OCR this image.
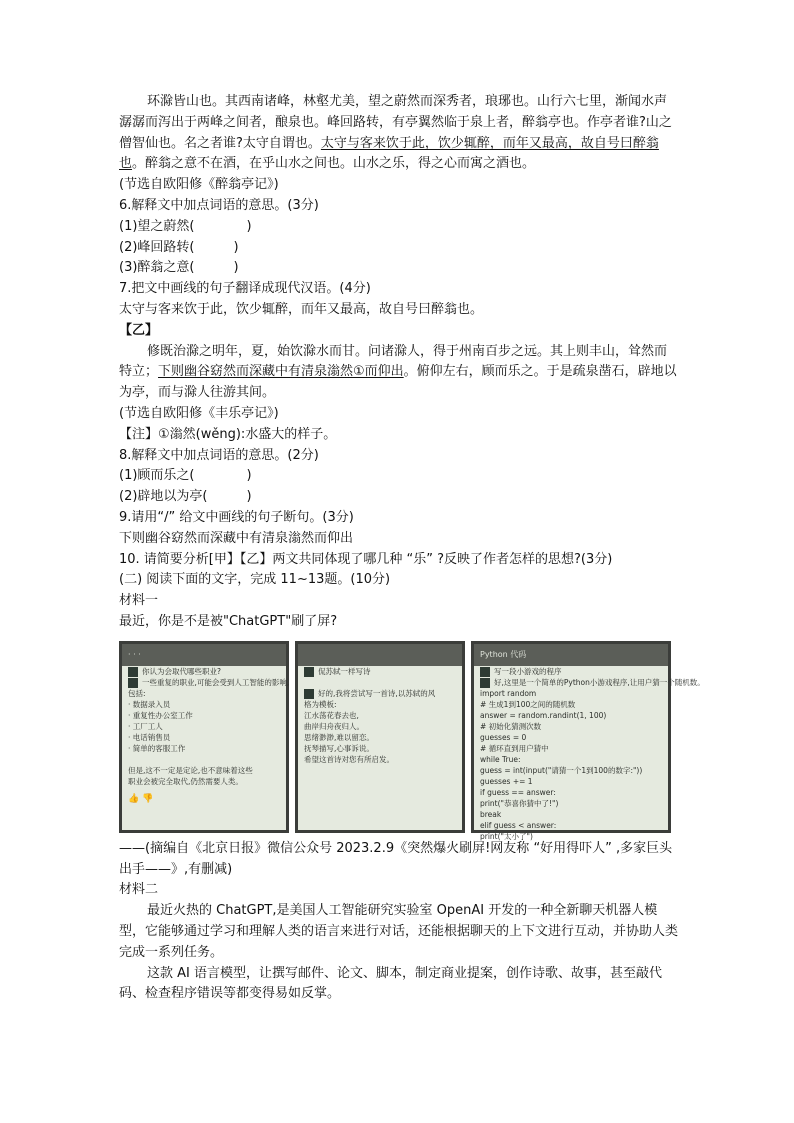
环滁皆山也。其西南诸峰，林壑尤美，望之蔚然而深秀者，琅琊也。山行六七里，渐闻水声潺潺而泻出于两峰之间者，酿泉也。峰回路转，有亭翼然临于泉上者，醉翁亭也。作亭者谁?山之僧智仙也。名之者谁?太守自谓也。太守与客来饮于此，饮少辄醉，而年又最高，故自号曰醉翁也。醉翁之意不在酒，在乎山水之间也。山水之乐，得之心而寓之酒也。

(节选自欧阳修《醉翁亭记》)

6.解释文中加点词语的意思。(3分)

(1)望之蔚然(　　　　)

(2)峰回路转(　　　)

(3)醉翁之意(　　　)

7.把文中画线的句子翻译成现代汉语。(4分)

太守与客来饮于此，饮少辄醉，而年又最高，故自号曰醉翁也。

【乙】

修既治滁之明年，夏，始饮滁水而甘。问诸滁人，得于州南百步之远。其上则丰山，耸然而特立；下则幽谷窈然而深藏中有清泉滃然①而仰出。俯仰左右，顾而乐之。于是疏泉凿石，辟地以为亭，而与滁人往游其间。

(节选自欧阳修《丰乐亭记》)

【注】①滃然(wěng):水盛大的样子。

8.解释文中加点词语的意思。(2分)

(1)顾而乐之(　　　　)

(2)辟地以为亭(　　　)

9.请用“/” 给文中画线的句子断句。(3分)

下则幽谷窈然而深藏中有清泉滃然而仰出

10. 请简要分析[甲】【乙】两文共同体现了哪几种 “乐” ?反映了作者怎样的思想?(3分)

(二) 阅读下面的文字，完成 11~13题。(10分)

材料一

最近，你是不是被"ChatGPT"刷了屏?

· · ·
你认为会取代哪些职业?
一些重复的职业,可能会受到人工智能的影响,
包括:
· 数据录入员
· 重复性办公室工作
· 工厂工人
· 电话销售员
· 简单的客服工作

但是,这不一定是定论,也不意味着这些
职业会被完全取代,仍然需要人类。
👍 👎

侃苏轼一样写诗

好的,我将尝试写一首诗,以苏轼的风
格为模板:
江水荡花春去也,
曲岸归舟夜归人。
思绪渺渺,难以留恋。
抚琴描写,心事诉说。
希望这首诗对您有所启发。
Python 代码
写一段小游戏的程序
好,这里是一个简单的Python小游戏程序,让用户猜一个随机数。
import random
# 生成1到100之间的随机数
answer = random.randint(1, 100)
# 初始化猜测次数
guesses = 0
# 循环直到用户猜中
while True:
guess = int(input("请猜一个1到100的数字:"))
guesses += 1
if guess == answer:
print("恭喜你猜中了!")
break
elif guess < answer:
print("太小了")

——(摘编自《北京日报》微信公众号 2023.2.9《突然爆火刷屏!网友称 “好用得吓人” ,多家巨头出手——》,有删减)

材料二

最近火热的 ChatGPT,是美国人工智能研究实验室 OpenAI 开发的一种全新聊天机器人模型，它能够通过学习和理解人类的语言来进行对话，还能根据聊天的上下文进行互动，并协助人类完成一系列任务。

这款 AI 语言模型，让撰写邮件、论文、脚本，制定商业提案，创作诗歌、故事，甚至敲代码、检查程序错误等都变得易如反掌。
